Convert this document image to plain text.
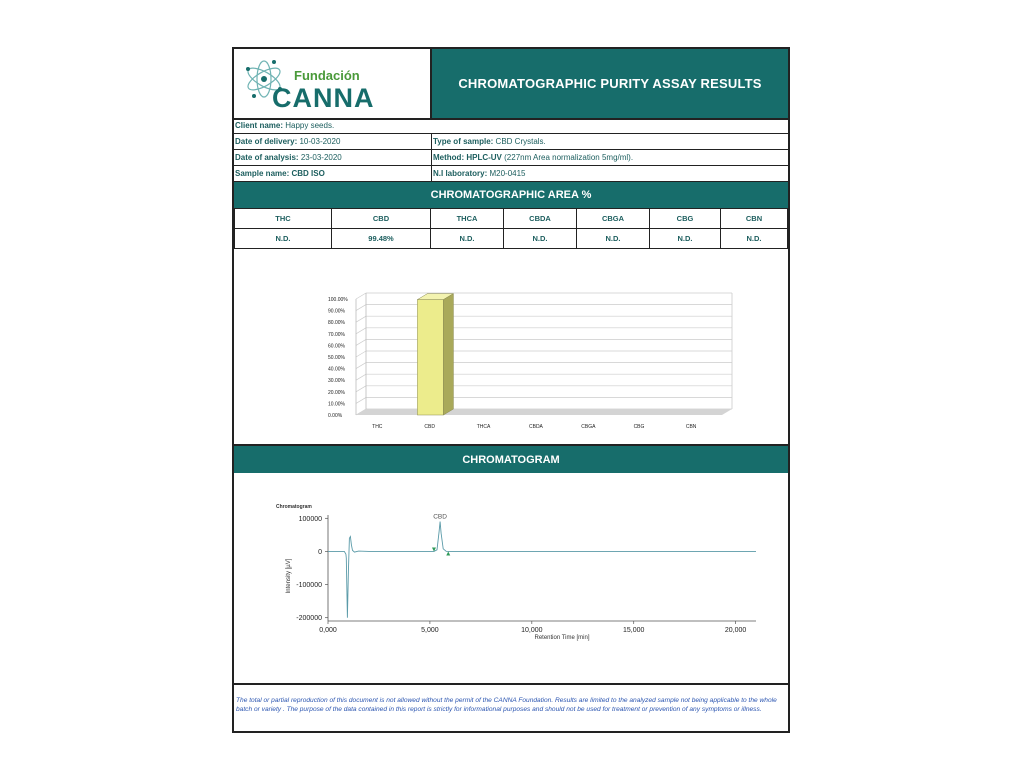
Fundación
CANNA	CHROMATOGRAPHIC PURITY ASSAY RESULTS
Client name: Happy seeds.
Date of delivery: 10-03-2020	Type of sample: CBD Crystals.
Date of analysis: 23-03-2020	Method: HPLC-UV (227nm Area normalization 5mg/ml).
Sample name: CBD ISO	N.I laboratory: M20-0415
CHROMATOGRAPHIC AREA %
THC	CBD	THCA	CBDA	CBGA	CBG	CBN
N.D.	99.48%	N.D.	N.D.	N.D.	N.D.	N.D.
0.00%
10.00%
20.00%
30.00%
40.00%
50.00%
60.00%
70.00%
80.00%
90.00%
100.00%
THC	CBD	THCA	CBDA	CBGA	CBG	CBN
CHROMATOGRAM
Chromatogram
100000
0
-100000
-200000
0,000	5,000	10,000	15,000	20,000
Retention Time [min]
Intensity [µV]
CBD
The total or partial reproduction of this document is not allowed without the permit of the CANNA Foundation. Results are limited to the analyzed sample not being applicable to the whole batch or variety . The purpose of the data contained in this report is strictly for informational purposes and should not be used for treatment or prevention of any symptoms or illness.
